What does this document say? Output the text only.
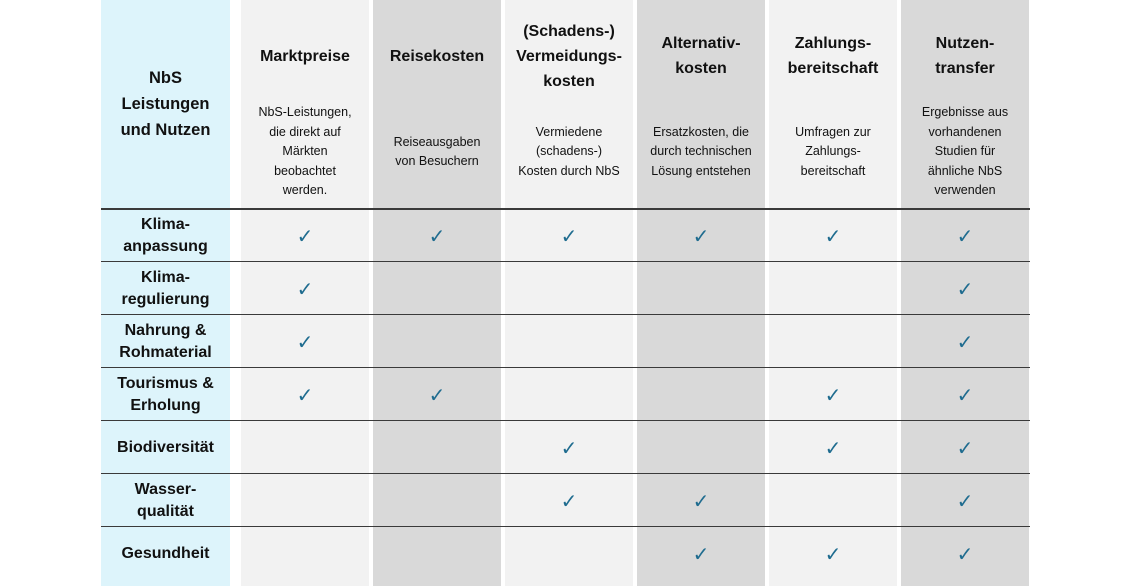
NbS
Leistungen
und Nutzen
Klima-
anpassung
Klima-
regulierung
Nahrung &
Rohmaterial
Tourismus &
Erholung
Biodiversität
Wasser-
qualität
Gesundheit
Marktpreise
NbS-Leistungen,
die direkt auf
Märkten
beobachtet
werden.
✓
✓
✓
✓
Reisekosten
Reiseausgaben
von Besuchern
✓
✓
(Schadens-)
Vermeidungs-
kosten
Vermiedene
(schadens-)
Kosten durch NbS
✓
✓
✓
Alternativ-
kosten
Ersatzkosten, die
durch technischen
Lösung entstehen
✓
✓
✓
Zahlungs-
bereitschaft
Umfragen zur
Zahlungs-
bereitschaft
✓
✓
✓
✓
Nutzen-
transfer
Ergebnisse aus
vorhandenen
Studien für
ähnliche NbS
verwenden
✓
✓
✓
✓
✓
✓
✓
